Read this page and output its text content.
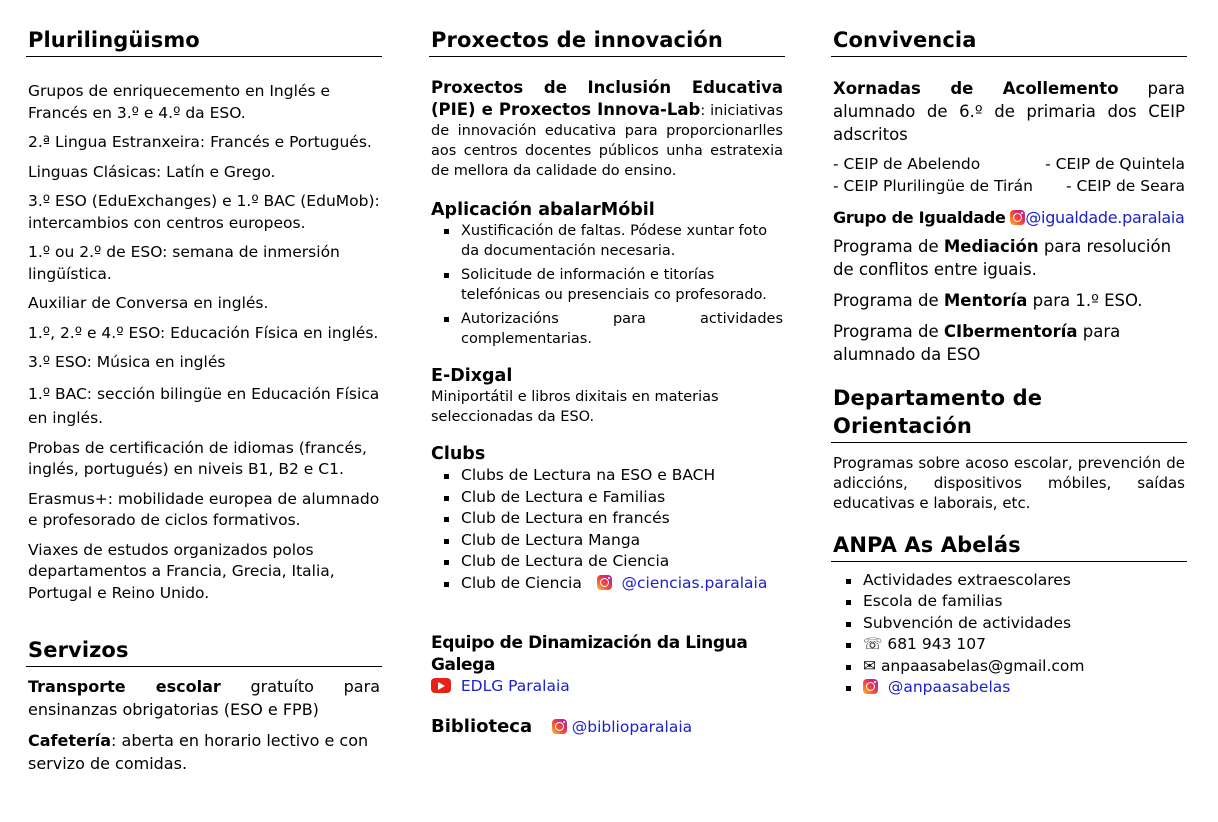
Plurilingüismo

Grupos de enriquecemento en Inglés e Francés en 3.º e 4.º da ESO.

2.ª Lingua Estranxeira: Francés e Portugués.

Linguas Clásicas: Latín e Grego.

3.º ESO (EduExchanges) e 1.º BAC (EduMob): intercambios con centros europeos.

1.º ou 2.º de ESO: semana de inmersión lingüística.

Auxiliar de Conversa en inglés.

1.º, 2.º e 4.º ESO: Educación Física en inglés.

3.º ESO: Música en inglés

1.º BAC: sección bilingüe en Educación Física en inglés.

Probas de certificación de idiomas (francés, inglés, portugués) en niveis B1, B2 e C1.

Erasmus+: mobilidade europea de alumnado e profesorado de ciclos formativos.

Viaxes de estudos organizados polos departamentos a Francia, Grecia, Italia, Portugal e Reino Unido.

Servizos

Transporte escolar gratuíto para ensinanzas obrigatorias (ESO e FPB)

Cafetería: aberta en horario lectivo e con servizo de comidas.

Proxectos de innovación

Proxectos de Inclusión Educativa (PIE) e Proxectos Innova-Lab: iniciativas de innovación educativa para proporcionarlles aos centros docentes públicos unha estratexia de mellora da calidade do ensino.

Aplicación abalarMóbil
Xustificación de faltas. Pódese xuntar foto da documentación necesaria.
Solicitude de información e titorías telefónicas ou presenciais co profesorado.
Autorizacións para actividades complementarias.
E-Dixgal

Miniportátil e libros dixitais en materias seleccionadas da ESO.

Clubs
Clubs de Lectura na ESO e BACH
Club de Lectura e Familias
Club de Lectura en francés
Club de Lectura Manga
Club de Lectura de Ciencia
Club de Ciencia	@ciencias.paralaia
Equipo de Dinamización da Lingua Galega
EDLG Paralaia
Biblioteca	@biblioparalaia
Convivencia

Xornadas de Acollemento para alumnado de 6.º de primaria dos CEIP adscritos

- CEIP de Abelendo	- CEIP de Quintela
- CEIP Plurilingüe de Tirán - CEIP de Seara
Grupo de Igualdade @igualdade.paralaia

Programa de Mediación para resolución de conflitos entre iguais.

Programa de Mentoría para 1.º ESO.

Programa de CIbermentoría para alumnado da ESO

Departamento de Orientación

Programas sobre acoso escolar, prevención de adiccións, dispositivos móbiles, saídas educativas e laborais, etc.

ANPA As Abelás
Actividades extraescolares
Escola de familias
Subvención de actividades
☏ 681 943 107
✉ anpaasabelas@gmail.com
@anpaasabelas
